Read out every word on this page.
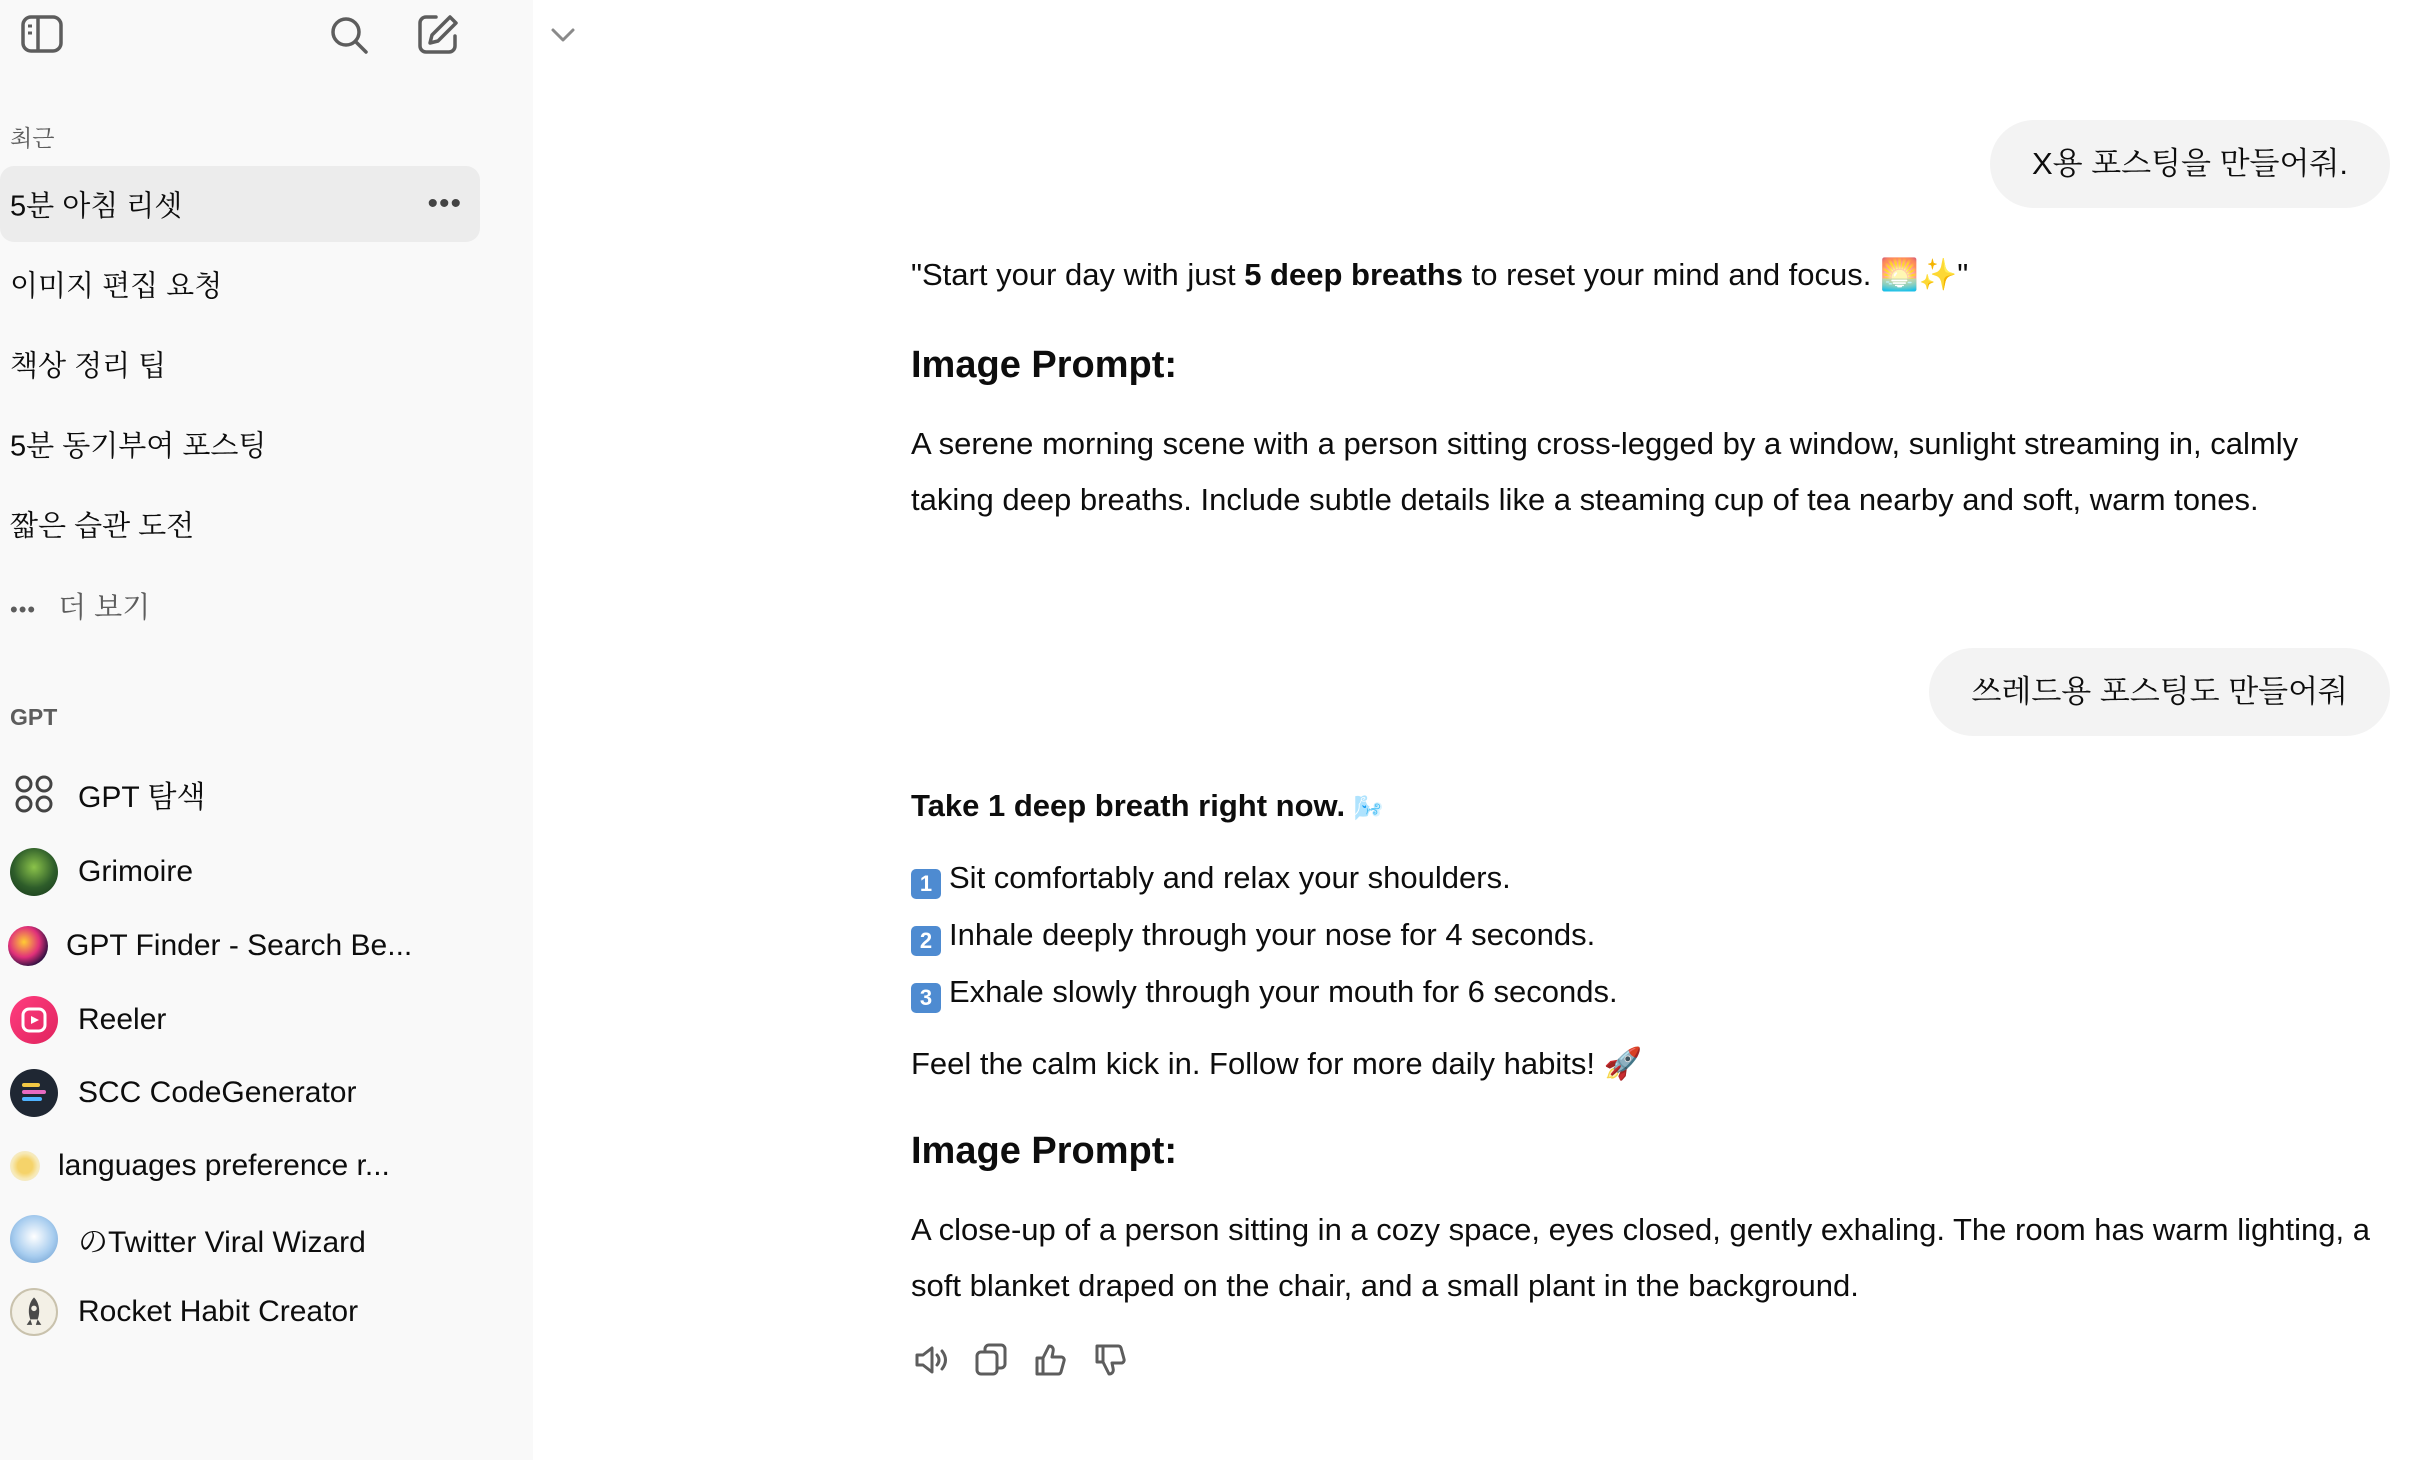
최근
5분 아침 리셋	•••
이미지 편집 요청
책상 정리 팁
5분 동기부여 포스팅
짧은 습관 도전
••• 더 보기
GPT
GPT 탐색
Grimoire
GPT Finder - Search Be...
Reeler
SCC CodeGenerator
languages preference r...
のTwitter Viral Wizard
Rocket Habit Creator
X용 포스팅을 만들어줘.
"Start your day with just 5 deep breaths to reset your mind and focus. 🌅✨"
Image Prompt:
A serene morning scene with a person sitting cross-legged by a window, sunlight streaming in, calmly taking deep breaths. Include subtle details like a steaming cup of tea nearby and soft, warm tones.
쓰레드용 포스팅도 만들어줘
Take 1 deep breath right now. 🌬️
1 Sit comfortably and relax your shoulders.
2 Inhale deeply through your nose for 4 seconds.
3 Exhale slowly through your mouth for 6 seconds.
Feel the calm kick in. Follow for more daily habits! 🚀
Image Prompt:
A close-up of a person sitting in a cozy space, eyes closed, gently exhaling. The room has warm lighting, a soft blanket draped on the chair, and a small plant in the background.
